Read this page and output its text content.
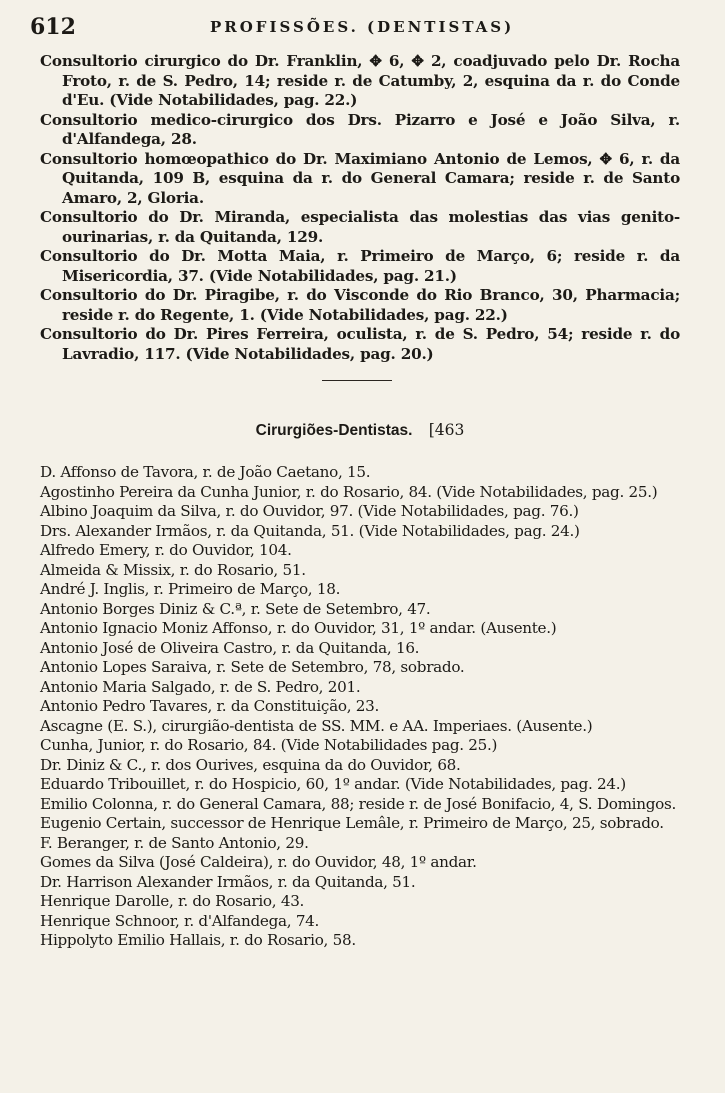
612	PROFISSÕES. (DENTISTAS)

Consultorio cirurgico do Dr. Franklin, ✥ 6, ✥ 2, coadjuvado pelo Dr. Rocha Froto, r. de S. Pedro, 14; reside r. de Catumby, 2, esquina da r. do Conde d'Eu. (Vide Notabilidades, pag. 22.)

Consultorio medico-cirurgico dos Drs. Pizarro e José e João Silva, r. d'Alfandega, 28.

Consultorio homœopathico do Dr. Maximiano Antonio de Lemos, ✥ 6, r. da Quitanda, 109 B, esquina da r. do General Camara; reside r. de Santo Amaro, 2, Gloria.

Consultorio do Dr. Miranda, especialista das molestias das vias genito-ourinarias, r. da Quitanda, 129.

Consultorio do Dr. Motta Maia, r. Primeiro de Março, 6; reside r. da Misericordia, 37. (Vide Notabilidades, pag. 21.)

Consultorio do Dr. Piragibe, r. do Visconde do Rio Branco, 30, Pharmacia; reside r. do Regente, 1. (Vide Notabilidades, pag. 22.)

Consultorio do Dr. Pires Ferreira, oculista, r. de S. Pedro, 54; reside r. do Lavradio, 117. (Vide Notabilidades, pag. 20.)

Cirurgiões-Dentistas. [463

D. Affonso de Tavora, r. de João Caetano, 15.

Agostinho Pereira da Cunha Junior, r. do Rosario, 84. (Vide Notabilidades, pag. 25.)

Albino Joaquim da Silva, r. do Ouvidor, 97. (Vide Notabilidades, pag. 76.)

Drs. Alexander Irmãos, r. da Quitanda, 51. (Vide Notabilidades, pag. 24.)

Alfredo Emery, r. do Ouvidor, 104.

Almeida & Missix, r. do Rosario, 51.

André J. Inglis, r. Primeiro de Março, 18.

Antonio Borges Diniz & C.ª, r. Sete de Setembro, 47.

Antonio Ignacio Moniz Affonso, r. do Ouvidor, 31, 1º andar. (Ausente.)

Antonio José de Oliveira Castro, r. da Quitanda, 16.

Antonio Lopes Saraiva, r. Sete de Setembro, 78, sobrado.

Antonio Maria Salgado, r. de S. Pedro, 201.

Antonio Pedro Tavares, r. da Constituição, 23.

Ascagne (E. S.), cirurgião-dentista de SS. MM. e AA. Imperiaes. (Ausente.)

Cunha, Junior, r. do Rosario, 84. (Vide Notabilidades pag. 25.)

Dr. Diniz & C., r. dos Ourives, esquina da do Ouvidor, 68.

Eduardo Tribouillet, r. do Hospicio, 60, 1º andar. (Vide Notabilidades, pag. 24.)

Emilio Colonna, r. do General Camara, 88; reside r. de José Bonifacio, 4, S. Domingos.

Eugenio Certain, successor de Henrique Lemâle, r. Primeiro de Março, 25, sobrado.

F. Beranger, r. de Santo Antonio, 29.

Gomes da Silva (José Caldeira), r. do Ouvidor, 48, 1º andar.

Dr. Harrison Alexander Irmãos, r. da Quitanda, 51.

Henrique Darolle, r. do Rosario, 43.

Henrique Schnoor, r. d'Alfandega, 74.

Hippolyto Emilio Hallais, r. do Rosario, 58.
